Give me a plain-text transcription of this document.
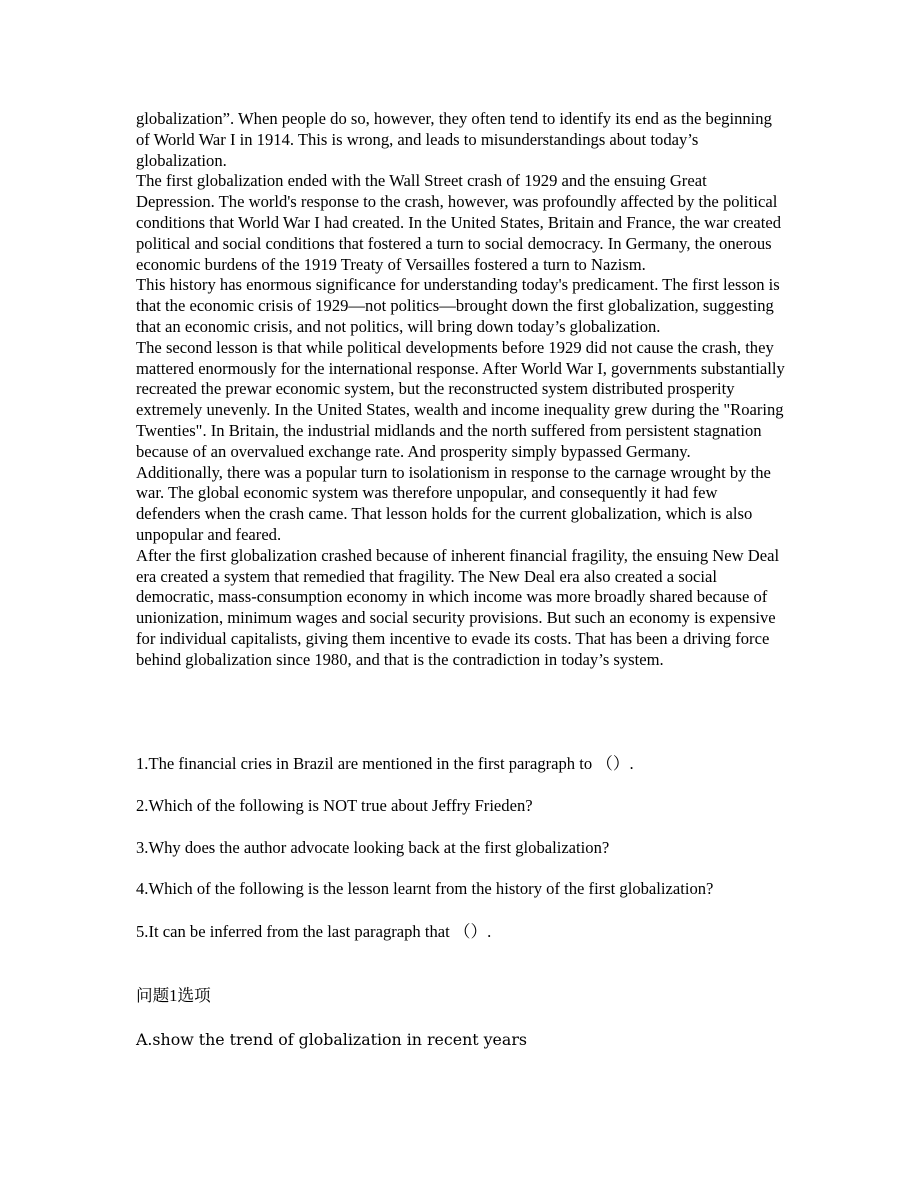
globalization”. When people do so, however, they often tend to identify its end as the beginning of World War I in 1914. This is wrong, and leads to misunderstandings about today’s globalization.

The first globalization ended with the Wall Street crash of 1929 and the ensuing Great Depression. The world's response to the crash, however, was profoundly affected by the political conditions that World War I had created. In the United States, Britain and France, the war created political and social conditions that fostered a turn to social democracy. In Germany, the onerous economic burdens of the 1919 Treaty of Versailles fostered a turn to Nazism.

This history has enormous significance for understanding today's predicament. The first lesson is that the economic crisis of 1929—not politics—brought down the first globalization, suggesting that an economic crisis, and not politics, will bring down today’s globalization.

The second lesson is that while political developments before 1929 did not cause the crash, they mattered enormously for the international response. After World War I, governments substantially recreated the prewar economic system, but the reconstructed system distributed prosperity extremely unevenly. In the United States, wealth and income inequality grew during the "Roaring Twenties". In Britain, the industrial midlands and the north suffered from persistent stagnation because of an overvalued exchange rate. And prosperity simply bypassed Germany.

Additionally, there was a popular turn to isolationism in response to the carnage wrought by the war. The global economic system was therefore unpopular, and consequently it had few defenders when the crash came. That lesson holds for the current globalization, which is also unpopular and feared.

After the first globalization crashed because of inherent financial fragility, the ensuing New Deal era created a system that remedied that fragility. The New Deal era also created a social democratic, mass-consumption economy in which income was more broadly shared because of unionization, minimum wages and social security provisions. But such an economy is expensive for individual capitalists, giving them incentive to evade its costs. That has been a driving force behind globalization since 1980, and that is the contradiction in today’s system.

1.The financial cries in Brazil are mentioned in the first paragraph to （）.
2.Which of the following is NOT true about Jeffry Frieden?
3.Why does the author advocate looking back at the first globalization?
4.Which of the following is the lesson learnt from the history of the first globalization?
5.It can be inferred from the last paragraph that （）.
问题1选项
A.show the trend of globalization in recent years
